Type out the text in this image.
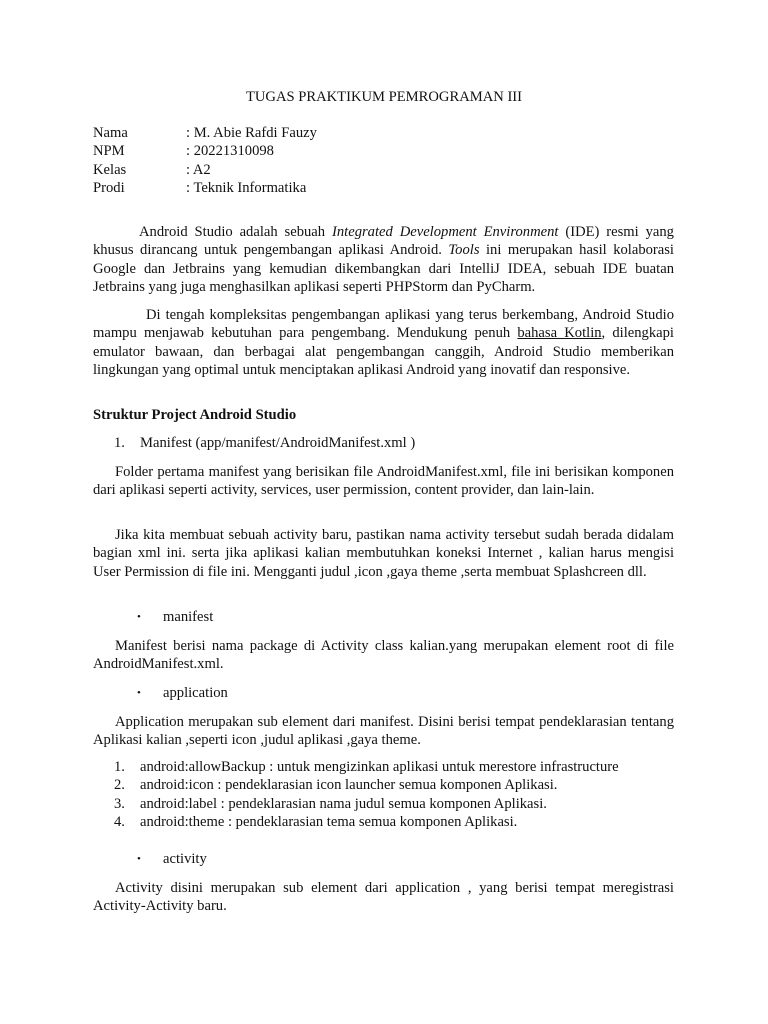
TUGAS PRAKTIKUM PEMROGRAMAN III
Nama	: M. Abie Rafdi Fauzy
NPM	: 20221310098
Kelas	: A2
Prodi	: Teknik Informatika

Android Studio adalah sebuah Integrated Development Environment (IDE) resmi yang khusus dirancang untuk pengembangan aplikasi Android. Tools ini merupakan hasil kolaborasi Google dan Jetbrains yang kemudian dikembangkan dari IntelliJ IDEA, sebuah IDE buatan Jetbrains yang juga menghasilkan aplikasi seperti PHPStorm dan PyCharm.

Di tengah kompleksitas pengembangan aplikasi yang terus berkembang, Android Studio mampu menjawab kebutuhan para pengembang. Mendukung penuh bahasa Kotlin, dilengkapi emulator bawaan, dan berbagai alat pengembangan canggih, Android Studio memberikan lingkungan yang optimal untuk menciptakan aplikasi Android yang inovatif dan responsive.

Struktur Project Android Studio
1. Manifest (app/manifest/AndroidManifest.xml )

Folder pertama manifest yang berisikan file AndroidManifest.xml, file ini berisikan komponen dari aplikasi seperti activity, services, user permission, content provider, dan lain-lain.

Jika kita membuat sebuah activity baru, pastikan nama activity tersebut sudah berada didalam bagian xml ini. serta jika aplikasi kalian membutuhkan koneksi Internet , kalian harus mengisi User Permission di file ini. Mengganti judul ,icon ,gaya theme ,serta membuat Splashcreen dll.

• manifest

Manifest berisi nama package di Activity class kalian.yang merupakan element root di file AndroidManifest.xml.

• application

Application merupakan sub element dari manifest. Disini berisi tempat pendeklarasian tentang Aplikasi kalian ,seperti icon ,judul aplikasi ,gaya theme.

1. android:allowBackup : untuk mengizinkan aplikasi untuk merestore infrastructure
2. android:icon : pendeklarasian icon launcher semua komponen Aplikasi.
3. android:label : pendeklarasian nama judul semua komponen Aplikasi.
4. android:theme : pendeklarasian tema semua komponen Aplikasi.
• activity

Activity disini merupakan sub element dari application , yang berisi tempat meregistrasi Activity-Activity baru.
